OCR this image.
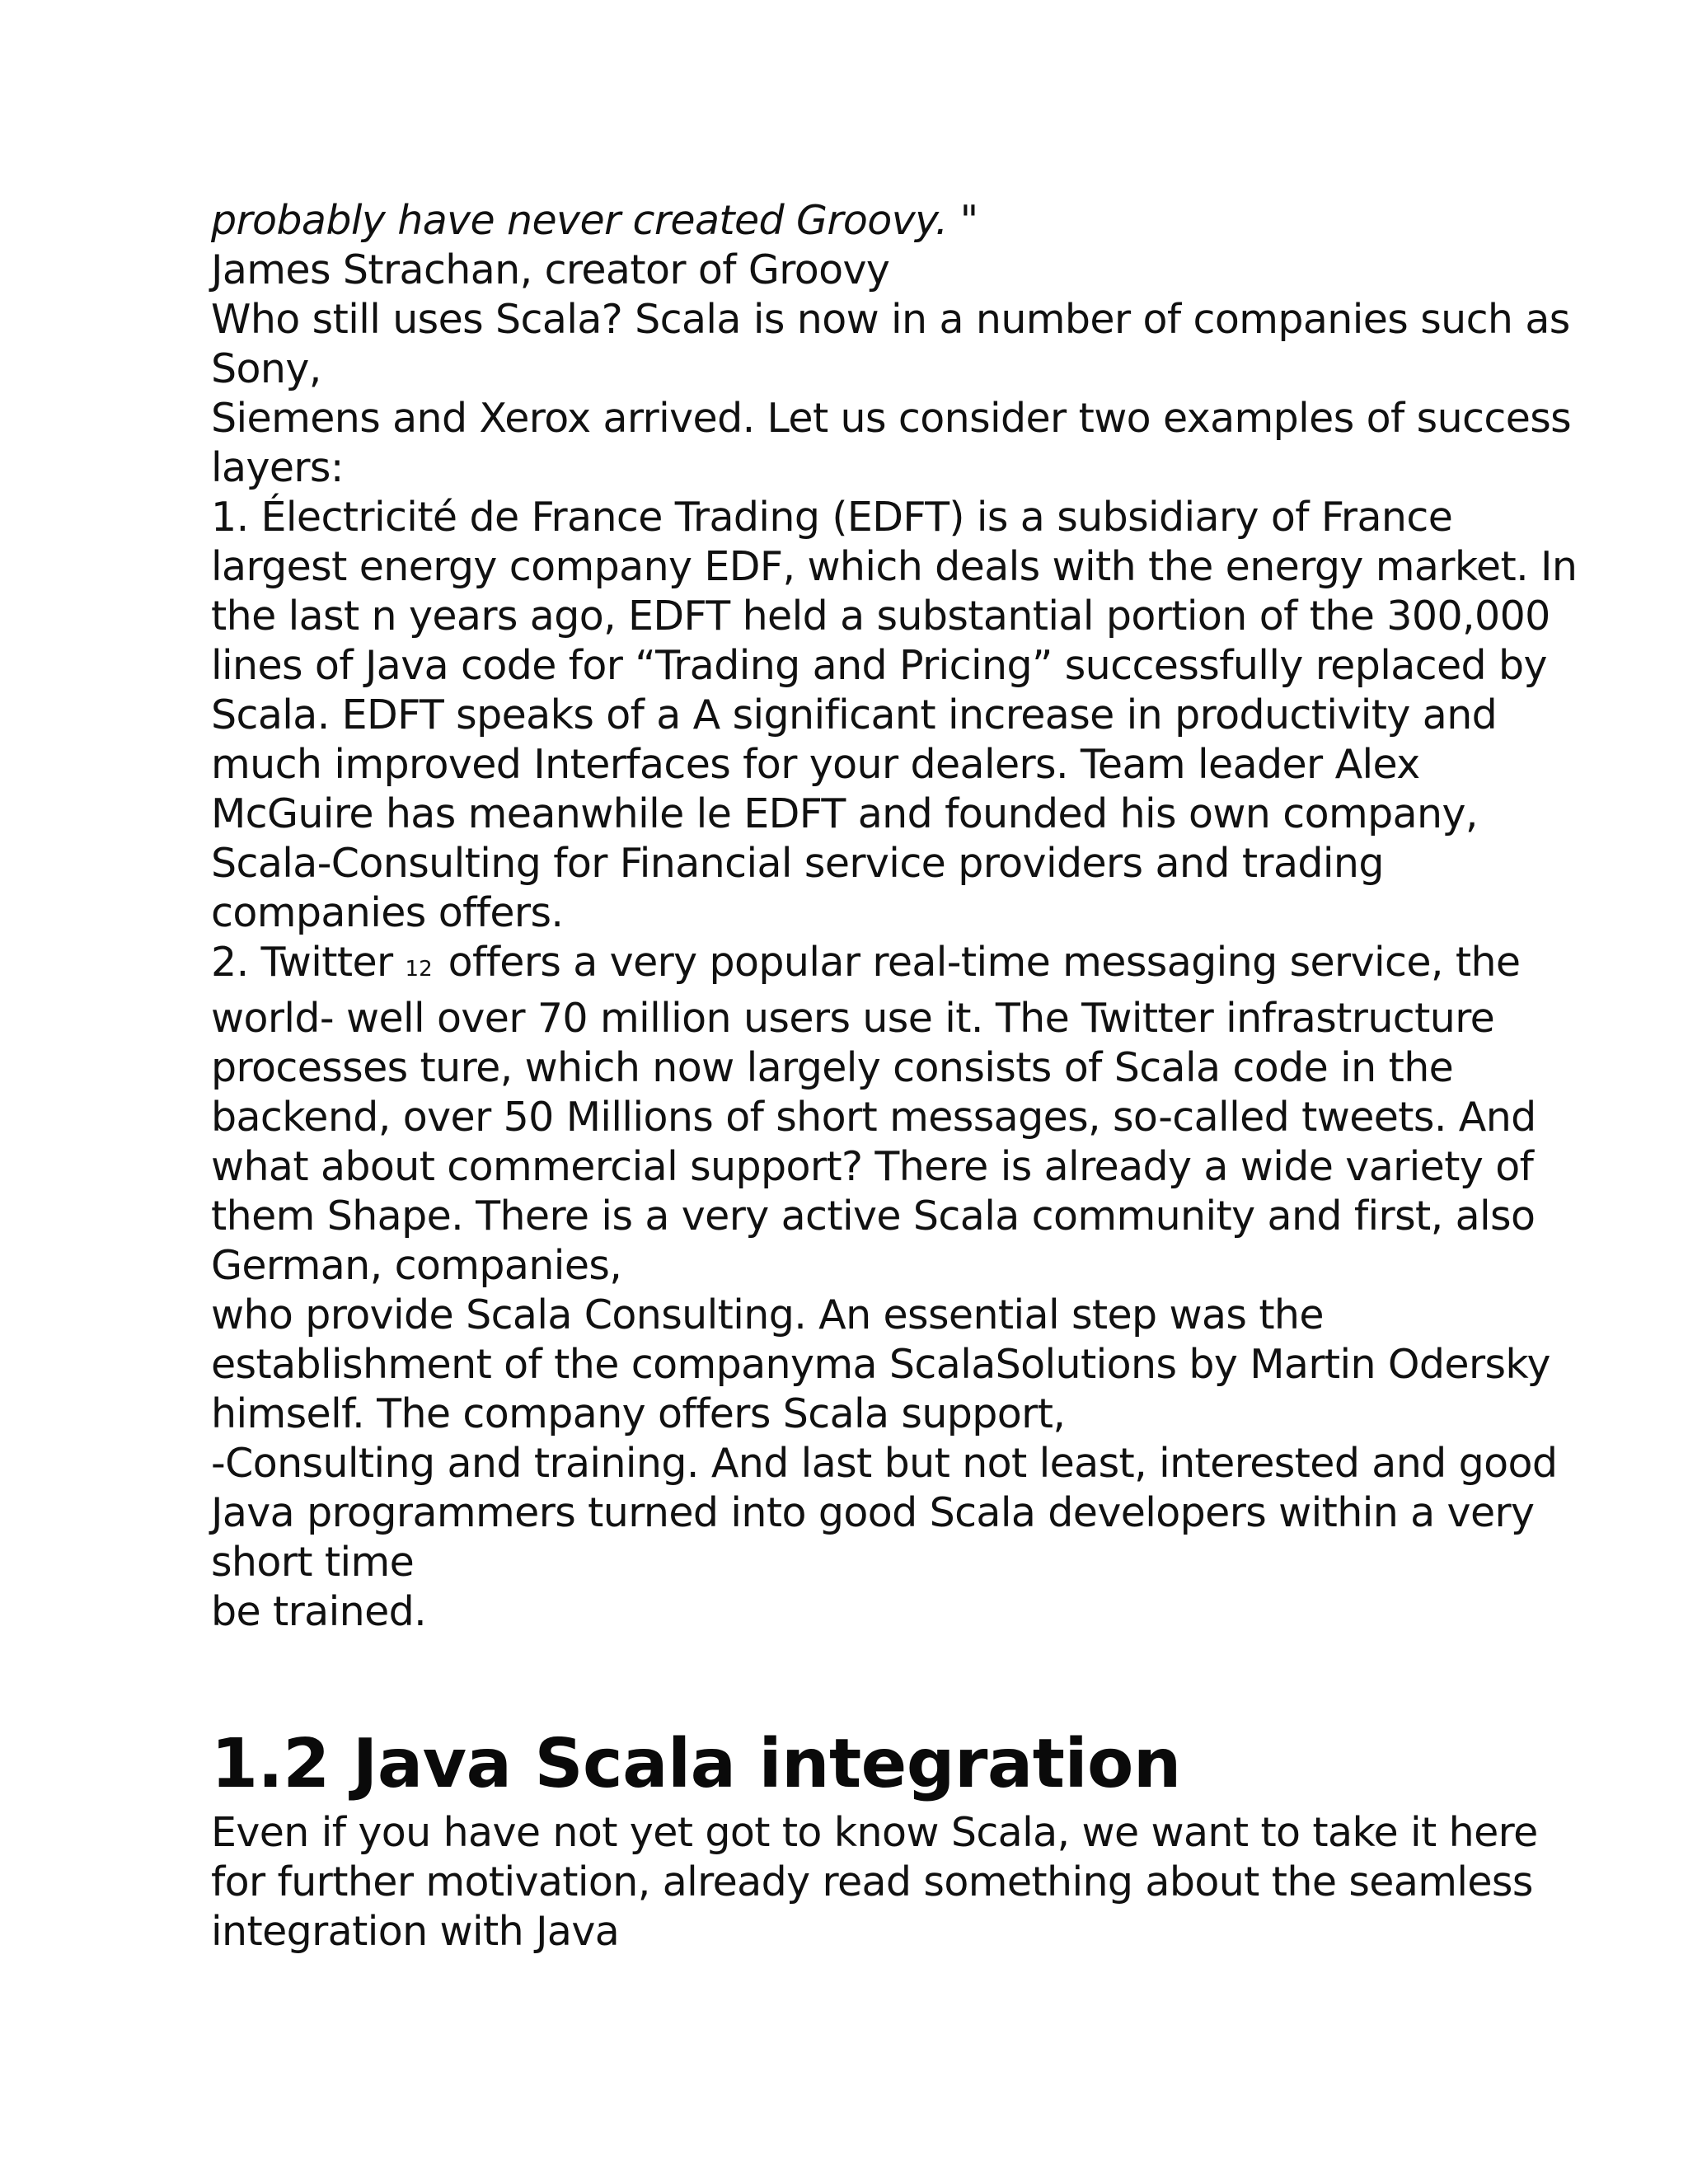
probably have never created Groovy. "
James Strachan, creator of Groovy
Who still uses Scala? Scala is now in a number of companies such as
Sony,
Siemens and Xerox arrived. Let us consider two examples of success
layers:
1. Électricité de France Trading (EDFT) is a subsidiary of France
largest energy company EDF, which deals with the energy market. In
the last n years ago, EDFT held a substantial portion of the 300,000
lines of Java code for “Trading and Pricing” successfully replaced by
Scala. EDFT speaks of a A significant increase in productivity and
much improved Interfaces for your dealers. Team leader Alex
McGuire has meanwhile le EDFT and founded his own company,
Scala-Consulting for Financial service providers and trading
companies offers.
2. Twitter 12 offers a very popular real-time messaging service, the
world- well over 70 million users use it. The Twitter infrastructure
processes ture, which now largely consists of Scala code in the
backend, over 50 Millions of short messages, so-called tweets. And
what about commercial support? There is already a wide variety of
them Shape. There is a very active Scala community and first, also
German, companies,
who provide Scala Consulting. An essential step was the
establishment of the companyma ScalaSolutions by Martin Odersky
himself. The company offers Scala support,
-Consulting and training. And last but not least, interested and good
Java programmers turned into good Scala developers within a very
short time
be trained.
1.2 Java Scala integration
Even if you have not yet got to know Scala, we want to take it here
for further motivation, already read something about the seamless
integration with Java
